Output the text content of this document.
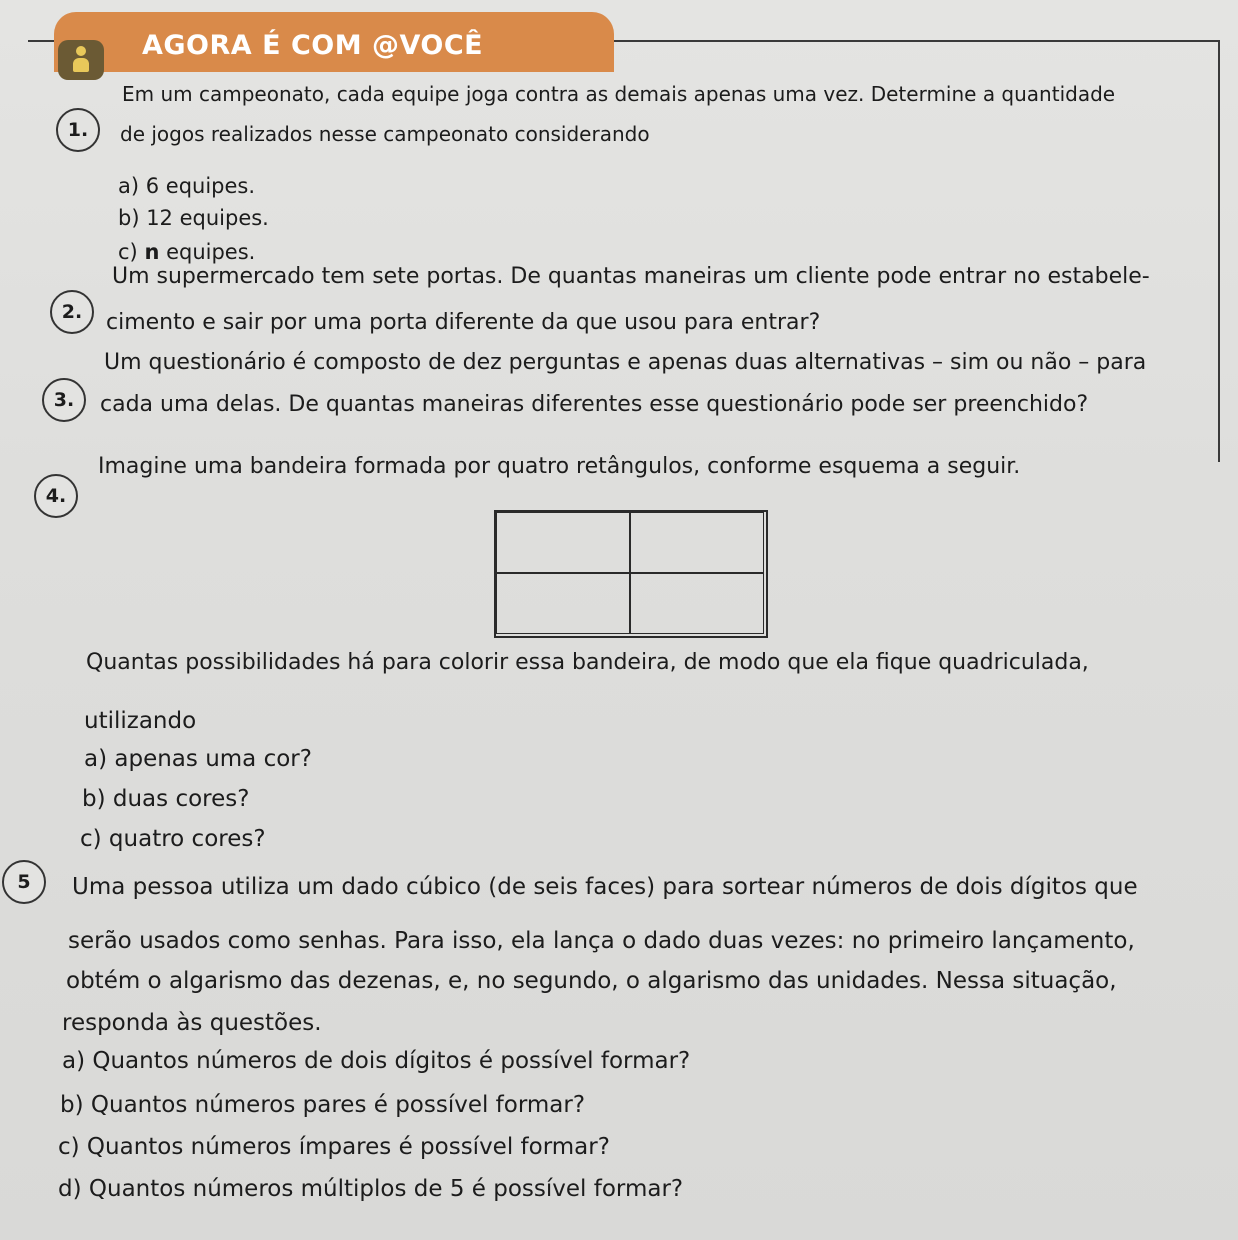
AGORA É COM @VOCÊ
1.
Em um campeonato, cada equipe joga contra as demais apenas uma vez. Determine a quantidade
de jogos realizados nesse campeonato considerando
a) 6 equipes.
b) 12 equipes.
c) n equipes.
2.
Um supermercado tem sete portas. De quantas maneiras um cliente pode entrar no estabele-
cimento e sair por uma porta diferente da que usou para entrar?
3.
Um questionário é composto de dez perguntas e apenas duas alternativas – sim ou não – para
cada uma delas. De quantas maneiras diferentes esse questionário pode ser preenchido?
4.
Imagine uma bandeira formada por quatro retângulos, conforme esquema a seguir.
Quantas possibilidades há para colorir essa bandeira, de modo que ela fique quadriculada,
utilizando
a) apenas uma cor?
b) duas cores?
c) quatro cores?
5	Uma pessoa utiliza um dado cúbico (de seis faces) para sortear números de dois dígitos que
serão usados como senhas. Para isso, ela lança o dado duas vezes: no primeiro lançamento,
obtém o algarismo das dezenas, e, no segundo, o algarismo das unidades. Nessa situação,
responda às questões.
a) Quantos números de dois dígitos é possível formar?
b) Quantos números pares é possível formar?
c) Quantos números ímpares é possível formar?
d) Quantos números múltiplos de 5 é possível formar?
